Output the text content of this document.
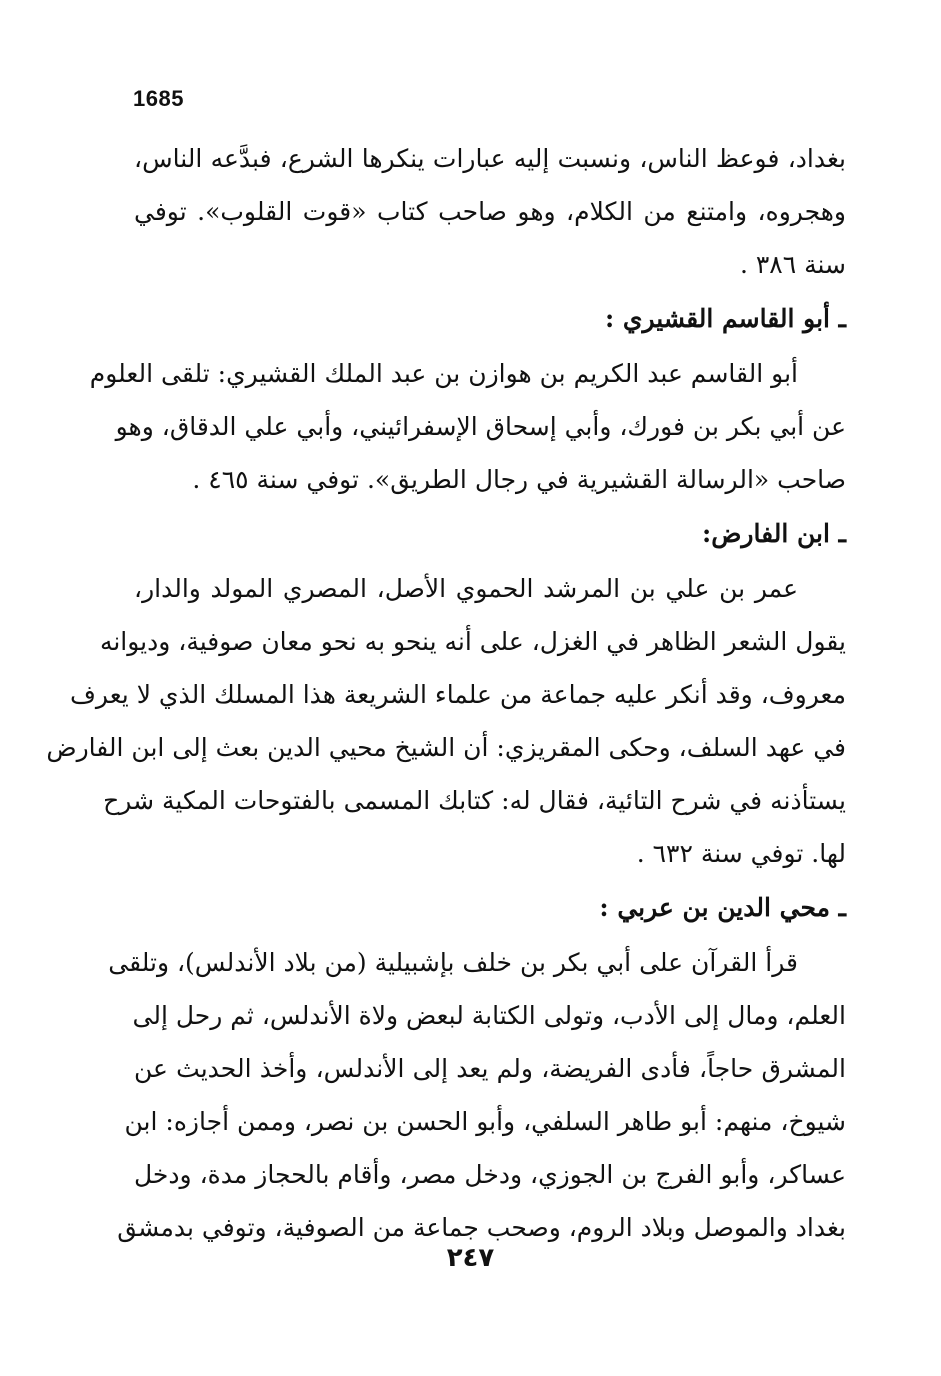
1685
بغداد، فوعظ الناس، ونسبت إليه عبارات ينكرها الشرع، فبدَّعه الناس،
وهجروه، وامتنع من الكلام، وهو صاحب كتاب «قوت القلوب». توفي
سنة ٣٨٦ .
ـ أبو القاسم القشيري :
أبو القاسم عبد الكريم بن هوازن بن عبد الملك القشيري: تلقى العلوم
عن أبي بكر بن فورك، وأبي إسحاق الإسفرائيني، وأبي علي الدقاق، وهو
صاحب «الرسالة القشيرية في رجال الطريق». توفي سنة ٤٦٥ .
ـ ابن الفارض:
عمر بن علي بن المرشد الحموي الأصل، المصري المولد والدار،
يقول الشعر الظاهر في الغزل، على أنه ينحو به نحو معان صوفية، وديوانه
معروف، وقد أنكر عليه جماعة من علماء الشريعة هذا المسلك الذي لا يعرف
في عهد السلف، وحكى المقريزي: أن الشيخ محيي الدين بعث إلى ابن الفارض
يستأذنه في شرح التائية، فقال له: كتابك المسمى بالفتوحات المكية شرح
لها. توفي سنة ٦٣٢ .
ـ محي الدين بن عربي :
قرأ القرآن على أبي بكر بن خلف بإشبيلية (من بلاد الأندلس)، وتلقى
العلم، ومال إلى الأدب، وتولى الكتابة لبعض ولاة الأندلس، ثم رحل إلى
المشرق حاجاً، فأدى الفريضة، ولم يعد إلى الأندلس، وأخذ الحديث عن
شيوخ، منهم: أبو طاهر السلفي، وأبو الحسن بن نصر، وممن أجازه: ابن
عساكر، وأبو الفرج بن الجوزي، ودخل مصر، وأقام بالحجاز مدة، ودخل
بغداد والموصل وبلاد الروم، وصحب جماعة من الصوفية، وتوفي بدمشق
٢٤٧
